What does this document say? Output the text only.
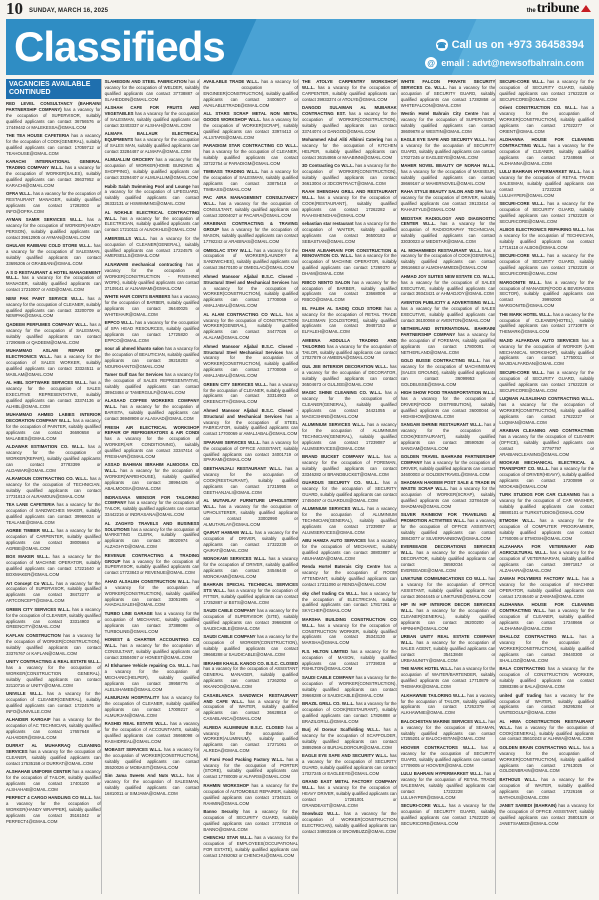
10 SUNDAY, MARCH 16, 2025	the tribune
Classifieds	☎ Call us on +973 36458394
@ email : advt@newsofbahrain.com
VACANCIES AVAILABLE CONTINUED

RED LEVEL CONSULTANCY (BAHRAINI PARTNERSHIP COMPANY) has a vacancy for the occupation of SUPERVISOR, suitably qualified applicants can contact 36756576 or 17449442 or MALEKESSA@GMAIL.COM

THE TEA HOUSE CAFETERIA has a vacancy for the occupation of COOK(GENERAL), suitably qualified applicants can contact 17059712 or TEAHOUSE@GMAIL.COM

KARACHI INTERNATIONAL GENERAL TRADING COMPANY W.L.L. has a vacancy for the occupation of WORKER(SALES), suitably qualified applicants can contact 36637952 or KARACHI@GMAIL.COM

OFRA W.L.L. has a vacancy for the occupation of RESTAURANT MANAGER, suitably qualified applicants can contact 17282003 or INFO@OFRA.COM

AYMAN SAMIR SERVICES W.L.L. has a vacancy for the occupation of WORKER(HANDY PERSON), suitably qualified applicants can contact 39612905 or AYMAN@GMAIL.COM

GHULAM RABBANI COLD STORE W.L.L. has a vacancy for the occupation of SALESMAN, suitably qualified applicants can contact 33695206 or GRABBANI@GMAIL.COM

A S D RESTAURANT & HOTEL MANAGEMENT W.L.L. has a vacancy for the occupation of MANAGER, suitably qualified applicants can contact 17210007 or ASD@GMAIL.COM

NEW PAK PAINT SERVICE W.L.L. has a vacancy for the occupation of CLEANER, suitably qualified applicants can contact 33200709 or NEWPAK@GMAIL.COM

QADEEM PERFUMES COMPANY W.L.L. has a vacancy for the occupation of SALESMAN, suitably qualified applicants can contact 17290689 or QADEEM@GMAIL.COM

MUHAMMAD ASLAM REPAIR OF ELECTRONICS W.L.L. has a vacancy for the occupation of SALES WORKER, suitably qualified applicants can contact 33324511 or MASLAM@GMAIL.COM

AL HIBL SOFTWARE SERVICES W.L.L. has a vacancy for the occupation of SALES EXECUTIVE REPRESENTATIVE, suitably qualified applicants can contact 33374136 or ALHIBL@GMAIL.COM

MUHAMMAD AHMED LABIES INTERIOR DECORATION COMPANY W.L.L. has a vacancy for the occupation of PAINTER, suitably qualified applicants can contact 36690658 or MALABIES@GMAIL.COM

ALDAWAR ESTIMATION CO. W.L.L. has a vacancy for the occupation of WORKER(REPAIR), suitably qualified applicants can contact 37783399 or ALDAWAR@GMAIL.COM

ALRAMOUN CONTRACTING CO. W.L.L. has a vacancy for the occupation of TECHNICIAN, suitably qualified applicants can contact 17731813 or ALRAMOUN@GMAIL.COM

TEA LANE CAFETERIA has a vacancy for the occupation of SANDWICHES MAKER, suitably qualified applicants can contact 39966024 or TEALANE@GMAIL.COM

AGRBE TIMBER W.L.L. has a vacancy for the occupation of CARPENTER, suitably qualified applicants can contact 38005664 or AGRBE@GMAIL.COM

BOX MAKER W.L.L. has a vacancy for the occupation of MACHINE OPERATOR, suitably qualified applicants can contact 17221640 or BOXMAKER@GMAIL.COM

Art Concept Co W.L.L. has a vacancy for the occupation of SUPERVISOR, suitably qualified applicants can contact 38472277 or ARTCONCEPT@GMAIL.COM

GREEN CITY SERVICES W.L.L. has a vacancy for the occupation of CLEANER, suitably qualified applicants can contact 33314903 or GREENCITY@GMAIL.COM

KAFLAN CONSTRUCTION has a vacancy for the occupation of WORKER(CONSTRUCTION), suitably qualified applicants can contact 33376767 or KAFLAN@GMAIL.COM

UNITY CONTRACTING & REAL ESTATE W.L.L. has a vacancy for the occupation of WORKER(CONSTRUCTION GENERAL), suitably qualified applicants can contact 32110716 or UNITY@GMAIL.COM

UNIVILLE W.L.L. has a vacancy for the occupation of CLEANER(GENERAL), suitably qualified applicants can contact 17224576 or INFO@UNIVILLE.COM

ALHAIDER KARGAIF has a vacancy for the occupation of AC TECHNICIAN, suitably qualified applicants can contact 17657648 or ALHAIDER@GMAIL.COM

DURRAT AL MUHARRAQ CLEANING SERVICES has a vacancy for the occupation of CLEANER, suitably qualified applicants can contact 17535158 or DURRAT@GMAIL.COM

ALSHAHAB UNIFORM CENTER has a vacancy for the occupation of TAILOR, suitably qualified applicants can contact 17401100 or ALSHAHAB@GMAIL.COM

PERFECT 4 CARGO HANDLING CO W.L.L. has a vacancy for the occupation of WORKER(HANDY WRAPPER), suitably qualified applicants can contact 35161042 or PERFECT4@GMAIL.COM

SLAHEDDIN AND STEEL FABRICATION has a vacancy for the occupation of WELDER, suitably qualified applicants can contact 37738887 or SLAHEDDIN@GMAIL.COM

ALSHAH CAFE FOR FRUITS AND VEGETABLES has a vacancy for the occupation of SALESMAN, suitably qualified applicants can contact 32403337 or ALSHAH@GMAIL.COM

ALMAFA BALLAUR ELECTRICAL EQUIPMENTS has a vacancy for the occupation of SALES MAN, suitably qualified applicants can contact 33284487 or ALMAFA@GMAIL.COM

ALMUALLIM GROCERY has a vacancy for the occupation of WORKER(HOME BUNDING & SHOPPING), suitably qualified applicants can contact 33294407 or ALMUALLIM@GMAIL.COM

Habib Salah Swimming Pool and Lounge has a vacancy for the occupation of LIFEGUARD, suitably qualified applicants can contact 36332131 or HSWIMMING@GMAIL.COM

AL NOKHLE ELECTRICAL CONTRACTING W.L.L. has a vacancy for the occupation of ELECTRICIAN, suitably qualified applicants can contact 17210111 or ALNOKHLE@GMAIL.COM

AMERSELLS W.L.L. has a vacancy for the occupation of CLEANER(GENERAL), suitably qualified applicants can contact 17224575 or AMERSELLS@GMAIL.COM

ALNAWAMI mechanical contracting has a vacancy for the occupation of WORKER(CONSTRUCTION - FINISHING WORK), suitably qualified applicants can contact 37109141 or ALNAWAMI@GMAIL.COM

WHITE HAIR COINTS BARBERS has a vacancy for the occupation of BARBER, suitably qualified applicants can contact 36440025 or WHITEHAIR@GMAIL.COM

EPPCO W.L.L. has a vacancy for the occupation of SPA HEAD RESOURCES, suitably qualified applicants can contact 17725820 or EPPCO@GMAIL.COM

nour ali ahmed khanto salon has a vacancy for the occupation of BEAUTICIAN, suitably qualified applicants can contact 39218203 or NOURKHANTO@GMAIL.COM

Tamer Gulf Gas for Services has a vacancy for the occupation of SALES REPRESENTATIVE, suitably qualified applicants can contact 38943484 or TAMERGULF@GMAIL.COM

ALASAAD COFFEE WORKERS COMPANY W.L.L. has a vacancy for the occupation of BARISTA, suitably qualified applicants can contact 36948908 or ALASAAD@GMAIL.COM

FRESH AIR ELECTRICAL WORKSHOP REPAIR OF REFRIGERATORS & AIR CONDI has a vacancy for the occupation of WORKER(AIR CONDITIONING), suitably qualified applicants can contact 33347414 or FRESHAIR@GMAIL.COM

ASSAD BAHMAN IBRAHIM ALMOOSA CO. W.L.L. has a vacancy for the occupation of WORKER(WAREHOUSE), suitably qualified applicants can contact 38994426 or ABALMOOSA@GMAIL.COM

INDRASANA WENSOR FOR TAILORING COMPANY has a vacancy for the occupation of TAILOR, suitably qualified applicants can contact 33442216 or INDRASANA@GMAIL.COM

AL ZAGHYD TRAVELS AND BUSINESS SOLUTIONS has a vacancy for the occupation of MARKETING CLERK, suitably qualified applicants can contact 38020974 or ALZAGHYD@GMAIL.COM

REVENUE CONTRACTING & TRADING GROUP has a vacancy for the occupation of SUPERVISOR, suitably qualified applicants can contact 17723843 or REVENUE@GMAIL.COM

AHAD ALSALEH CONSTRUCTION W.L.L. has a vacancy for the occupation of WORKER(CONSTRUCTION), suitably qualified applicants can contact 33051905 or AHADALSALEH@GMAIL.COM

TURBO LINE GARAGE has a vacancy for the occupation of MECHANIC, suitably qualified applicants can contact 37388098 or TURBOLINE@GMAIL.COM

HONEST & CHARTER ACCOUNTING CO W.L.L. has a vacancy for the occupation of CONSULTANT, suitably qualified applicants can contact 33504067 or HONEST@GMAIL.COM

Al Elshamee Vehicle repairing Co. W.L.L. has a vacancy for the occupation of MECHANIC(HELPER), suitably qualified applicants can contact 39958776 or ALELSHAMEE@GMAIL.COM

ALMURJAN HOSPITALITY has a vacancy for the occupation of CLEANER, suitably qualified applicants can contact 17009217 or ALMURJAN@GMAIL.COM

RASHID REAL ESTATE W.L.L. has a vacancy for the occupation of ACCOUNTANTS, suitably qualified applicants can contact 36668098 or RASHIDREAL@GMAIL.COM

MOBASIT SERVICES W.L.L. has a vacancy for the occupation of WORKER(CONSTRUCTION), suitably qualified applicants can contact 35520026 or MOBASIT@GMAIL.COM

Sim Jama Sweets And Nuts W.L.L. has a vacancy for the occupation of SALESMAN, suitably qualified applicants can contact 16810011 or SIMJAMA@GMAIL.COM

AVAILABLE TRADE W.L.L. has a vacancy for the occupation of ENGINEER(CONSTRUCTION), suitably qualified applicants can contact 34006077 or AVAILABLETRADE@GMAIL.COM

ALL STARS SCRAP METAL NON METAL GOODS WORKSHOP W.L.L. has a vacancy for the occupation of WORKER(SCRAP), suitably qualified applicants can contact 33974413 or ALLSTARS@GMAIL.COM

PARADIGM STAR CONTRACTING CO W.L.L. has a vacancy for the occupation of CLEANER, suitably qualified applicants can contact 33722754 or PARADIGM@GMAIL.COM

TIMBASS TRADING W.L.L. has a vacancy for the occupation of SALESMAN, suitably qualified applicants can contact 33875418 or TIMBASS@GMAIL.COM

PAC AIRA MANAGEMENT CONSULTANCY W.L.L. has a vacancy for the occupation of CONSULTANT, suitably qualified applicants can contact 32004027 or PACAIRA@GMAIL.COM

ARABINAS CONTRACTING & TRAVING GROUP has a vacancy for the occupation of MASON, suitably qualified applicants can contact 17792242 or ARABINAS@GMAIL.COM

OMEGLAC STAY W.L.L. has a vacancy for the occupation of WORKER(LAUNDRY & SANDWICHES), suitably qualified applicants can contact 36470100 or OMEGLAC@GMAIL.COM

Ahmed Mansoor Aljabal B.S.C. Closed - Structural Steel and Mechanical Services has a vacancy for the occupation of WORKER(CONSTRUCTION), suitably qualified applicants can contact 17700069 or AMALJABAL@GMAIL.COM

AL ALAM CONTRACTING CO W.L.L. has a vacancy for the occupation of CONSTRUCTION WORKER(GENERAL), suitably qualified applicants can contact 34477026 or ALALAM@GMAIL.COM

Ahmed Mansoor Aljabal B.S.C. Closed - Structural Steel Mechanical Services has a vacancy for the occupation of WORKER(CONSTRUCTION), suitably qualified applicants can contact 17700069 or AMALJABAL@GMAIL.COM

GREEN CITY SERVICES W.L.L. has a vacancy for the occupation of CLEANER, suitably qualified applicants can contact 33314903 or GREENCITY@GMAIL.COM

Ahmed Mansoor Aljabal B.S.C. Closed - Structural and Mechanical Services has a vacancy for the occupation of STEEL FABRICATOR, suitably qualified applicants can contact 17700069 or AMALJABAL@GMAIL.COM

SPARAMI SERVICES W.L.L. has a vacancy for the occupation of OFFICE ASSISTANT, suitably qualified applicants can contact 34001719 or SPARAMI@GMAIL.COM

GEETHANJALI RESTAURANT W.L.L. has a vacancy for the occupation of COOK(RESTAURANT), suitably qualified applicants can contact 17215955 or GEETHANJALI@GMAIL.COM

AL MUTARLAY FURNITURE UPHOLSTERY W.L.L. has a vacancy for the occupation of UPHOLSTERER, suitably qualified applicants can contact 33002990 or ALMUTARLAY@GMAIL.COM

QAIRAT HAMIAM W.L.L. has a vacancy for the occupation of DRIVER, suitably qualified applicants can contact 17322230 or QAIRAT@GMAIL.COM

MONOKAMI SERVICES W.L.L. has a vacancy for the occupation of DRIVER, suitably qualified applicants can contact 34546440 or MONOKAMI@GMAIL.COM

BAHRAIN SPECIAL TECHNICAL SERVICES STS W.L.L. has a vacancy for the occupation of FITTER, suitably qualified applicants can contact 17252887 or BSTS@GMAIL.COM

SAUDI CABLE COMPANY has a vacancy for the occupation of SUPERVISOR (SITE), suitably qualified applicants can contact 39668288 or SAUDICABLE@GMAIL.COM

SAUDI CABLE COMPANY has a vacancy for the occupation of WORKER(CONSTRUCTION), suitably qualified applicants can contact 39668288 or SAUDICABLE@GMAIL.COM

IBRAHIM KHALIL KANOO CO. B.S.C. CLOSED has a vacancy for the occupation of ASSISTANT GENERAL MANAGER, suitably qualified applicants can contact 17262052 or IKKANOO@GMAIL.COM

CASABLANCA SANDWICH RESTAURANT AND CAFE W.L.L. has a vacancy for the occupation of WAITER, suitably qualified applicants can contact 36628818 or CASABLANCA@GMAIL.COM

ALREDA ALUMINIUM B.S.C. CLOSED has a vacancy for the occupation of WORKER(ALUMINIUM), suitably qualified applicants can contact 17271061 or ALREDA@GMAIL.COM

Al Farsi Food Packing Factory W.L.L. has a vacancy for the occupation of PORTER (STORE), suitably qualified applicants can contact 17780039 or ALFARSI@GMAIL.COM

RAHMIN WORKSHOP has a vacancy for the occupation of AUTOMOBILE REPAIRER, suitably qualified applicants can contact 17345121 or RAHMIN@GMAIL.COM

Banno Security has a vacancy for the occupation of SECURITY GUARD, suitably qualified applicants can contact 17729216 or BANNO@GMAIL.COM

CHENCHU STAR W.L.L. has a vacancy for the occupation of EMPLOYEES(OCCUPATIONAL FOR ESTATE), suitably qualified applicants can contact 17492062 or CHENCHU@GMAIL.COM

THE ATOLYE CARPENTRY WORKSHOP W.L.L. has a vacancy for the occupation of CARPENTER, suitably qualified applicants can contact 39933374 or ATOLYE@GMAIL.COM

DANGOD SULAIMAN AL MUBARAK CONTRACTING EST. has a vacancy for the occupation of WORKER(CONSTRUCTION), suitably qualified applicants can contact 33744074 or DANGOD@GMAIL.COM

Mohammed Abul Aliti Albinni Catering has a vacancy for the occupation of KITCHEN HELPER, suitably qualified applicants can contact 36154866 or MAABINNI@GMAIL.COM

3D Contracting Co W.L.L. has a vacancy for the occupation of WORKER(CONSTRUCTION), suitably qualified applicants can contact 36613004 or 3DCONTRACT@GMAIL.COM

RAAH SHENGHAI GRILL AND RESTAURANT W.L.L. has a vacancy for the occupation of COOK(RESTAURANT), suitably qualified applicants can contact 17262282 or RAAHSHENGHAI@GMAIL.COM

sebastian star restaurant has a vacancy for the occupation of WAITER, suitably qualified applicants can contact 36500183 or SEBASTIAN@GMAIL.COM

DHAM ALBAHRAIN FOR CONSTRUCTION & RENOVATION CO. W.L.L. has a vacancy for the occupation of MACHINE OPERATOR, suitably qualified applicants can contact 17269370 or DHAM@GMAIL.COM

RIBCO NENTO SALON has a vacancy for the occupation of BARBER, suitably qualified applicants can contact 33668008 or RIBCO@GMAIL.COM

EL FALEH AL SADIQ COLD STORE has a vacancy for the occupation of RETAIL TRADE SALESMAN (COLDSTORE), suitably qualified applicants can contact 39487153 or ELFALEH@GMAIL.COM

AMEENA ADDULLA TRADING AND TAILORING has a vacancy for the occupation of TAILOR, suitably qualified applicants can contact 17027879 or AMEENA@GMAIL.COM

GUL JEE INTERIOR DECORATION W.L.L. has a vacancy for the occupation of DECORATOR, suitably qualified applicants can contact 36504673 or GULJEE@GMAIL.COM

MAGIC SHINE CLEANING CO. W.L.L. has a vacancy for the occupation of CLEANER(GENERAL), suitably qualified applicants can contact 34421055 or MAGICSHINE@GMAIL.COM

ALUMINIUM SERVICES W.L.L. has a vacancy for the occupation of ALUMINIUM TECHNICIAN(GENERAL), suitably qualified applicants can contact 17239087 or ALUMSERVICES@GMAIL.COM

BRAND BUCKET COMPANY W.L.L. has a vacancy for the occupation of FOREMAN, suitably qualified applicants can contact 33346282 or BRANDBUCKET@GMAIL.COM

GUARDUS SECURITY CO. W.L.L. has a vacancy for the occupation of SECURITY GUARD, suitably qualified applicants can contact 17450497 or GUARDUS@GMAIL.COM

ALUMINIUM SERVICES W.L.L. has a vacancy for the occupation of ALUMINIUM TECHNICIAN(GENERAL), suitably qualified applicants can contact 17239087 or ALUMSERVICES@GMAIL.COM

ABU HAMZA AUTO SERVICES has a vacancy for the occupation of MECHANIC, suitably qualified applicants can contact 38803887 or ABUHAMZA@GMAIL.COM

Renda Hortel Baterais City Centre has a vacancy for the occupation of ROOM ATTENDANT, suitably qualified applicants can contact 17311090 or RENDA@GMAIL.COM

sky chef trading Co W.L.L. has a vacancy for the occupation of ELECTRICIAN, suitably qualified applicants can contact 17817261 or SKYCHEF@GMAIL.COM

MARSHA BUILDING CONSTRUCTION CO W.L.L. has a vacancy for the occupation of CONSTRUCTION WORKER, suitably qualified applicants can contact 35343130 or MARSHA@GMAIL.COM

R.S. HILTON LIMITED has a vacancy for the occupation of MASON, suitably qualified applicants can contact 17739028 or RSHILTON@GMAIL.COM

SAUDI CABLE COMPANY has a vacancy for the occupation of WORKER(CONSTRUCTION), suitably qualified applicants can contact 39668288 or SAUDICABLE@GMAIL.COM

BRAZIL GRILL CO. W.L.L. has a vacancy for the occupation of COOK(RESTAURANT), suitably qualified applicants can contact 17826888 or BRAZILGRILL@GMAIL.COM

Burj Al Dorour Scaffolding W.L.L. has a vacancy for the occupation of SCAFFOLDER, suitably qualified applicants can contact 38892969 or BURJALDOROUR@GMAIL.COM

EAGLE EYE SAFE AND SECURITY W.L.L. has a vacancy for the occupation of SECURITY GUARD, suitably qualified applicants can contact 17027245 or EAGLEEYE@GMAIL.COM

GRAND EAST METAL FACTORY COMPANY W.L.L. has a vacancy for the occupation of HEAVY DRIVER, suitably qualified applicants can contact 17281001 or GRANDEAST@GMAIL.COM

Snowbuzz W.L.L. has a vacancy for the occupation of WORKER(CONSTRUCTION ELECTRICIAN), suitably qualified applicants can contact 34993166 or SNOWBUZZ@GMAIL.COM

WHITE FALCON PRIVATE SECURITY SERVICES Co. W.L.L. has a vacancy for the occupation of SECURITY GUARD, suitably qualified applicants can contact 17282858 or WHITEFALCON@GMAIL.COM

Westin Hotel Bahrain City Centre has a vacancy for the occupation of SUPERVISOR, suitably qualified applicants can contact 38609878 or WESTIN@GMAIL.COM

EAGLE EYE SAFE AND SECURITY W.L.L. has a vacancy for the occupation of SECURITY GUARD, suitably qualified applicants can contact 17027245 or EAGLEEYE@GMAIL.COM

MAHER NOVEL BEAUTY OF NORAH W.L.L. has a vacancy for the occupation of MASSEUR, suitably qualified applicants can contact 38669167 or MAHERNOVEL@GMAIL.COM

RAHA STYLE BEAUTY SALON AND SPA has a vacancy for the occupation of DRIVER, suitably qualified applicants can contact 39133414 or RAHASTYLE@GMAIL.COM

MEDSTAR RADIOLOGY AND DIAGNOSTIC CENTER W.L.L. has a vacancy for the occupation of RADIOGRAPHY TECHNICIAN, suitably qualified applicants can contact 33030023 or MEDSTAR@GMAIL.COM

AL MOHAMMEDI RESTAURANT W.L.L. has a vacancy for the occupation of COOK(GENERAL), suitably qualified applicants can contact 39516663 or ALMOHAMMEDI@GMAIL.COM

AHMAD JOY SUITES NEW ESTATE CO. W.L.L. has a vacancy for the occupation of SALES EXECUTIVE, suitably qualified applicants can contact 39343421 or AHMADJOY@GMAIL.COM

AVENTON PUBLICITY & ADVERTISING W.L.L. has a vacancy for the occupation of SALES EXECUTIVE, suitably qualified applicants can contact 36100068 or AVENTON@GMAIL.COM

NETHERLAND INTERNATIONAL BAHRAINI PARTNERSHIP COMPANY has a vacancy for the occupation of FOREMAN, suitably qualified applicants can contact 17800091 or NETHERLAND@GMAIL.COM

GOLD BUSSE CONTRACTING W.L.L. has a vacancy for the occupation of MACHINISMAN (SALES GROUND), suitably qualified applicants can contact 36099953 or GOLDBUSSE@GMAIL.COM

HIGH SHOW FOOD TRANSPORTATION W.L.L. has a vacancy for the occupation of DRIVER(FOOD DISTRIBUTION), suitably qualified applicants can contact 36000044 or HIGHSHOW@GMAIL.COM

SANGAM SHRINE RESTAURANT W.L.L. has a vacancy for the occupation of COOK(RESTAURANT), suitably qualified applicants can contact 38590538 or SANGAM@GMAIL.COM

GOLDEN TRAVEL BAHRAINI PARTNERSHIP COMPANY has a vacancy for the occupation of DRIVER, suitably qualified applicants can contact 34600003 or GOLDENTRAVEL@GMAIL.COM

SHADMAN HAKEEM POST SALE & TRADE IN WASTE SCRAP W.L.L. has a vacancy for the occupation of WORKER(SCRAP), suitably qualified applicants can contact 33784429 or SHADMAN@GMAIL.COM

SILVER RAINBOW FOR TRAVELING & PROMOTION ACTIVITIES W.L.L. has a vacancy for the occupation of OFFICE ASSISTANT, suitably qualified applicants can contact 38843077 or SILVERRAINBOW@GMAIL.COM

EVEREEADE DECORATIONS SERVICES W.L.L. has a vacancy for the occupation of DECORATOR, suitably qualified applicants can contact 36592034 or EVEREEADE@GMAIL.COM

LINKTUNE COMMUNICATIONS CO W.L.L. has a vacancy for the occupation of OFFICE ASSISTANT, suitably qualified applicants can contact 36044445 or LINKTUNE@GMAIL.COM

HIP IN HIP INTERIOR DECOR SERVICES W.L.L. has a vacancy for the occupation of CLEANER(GENERAL), suitably qualified applicants can contact 36200200 or HIPINHIP@GMAIL.COM

URBAN UNITY REAL ESTATE COMPANY W.L.L. has a vacancy for the occupation of SALES AGENT, suitably qualified applicants can contact 35413848 or URBANUNITY@GMAIL.COM

THE MARK HOTEL W.L.L. has a vacancy for the occupation of WAITER/BARTENDER, suitably qualified applicants can contact 17710879 or THEMARK@GMAIL.COM

ALKHAWNIE TAILORING W.L.L. has a vacancy for the occupation of TAILOR, suitably qualified applicants can contact 17262379 or ALKHAWNIE@GMAIL.COM

BALOCHISTAN MARINE SERVICES W.L.L. has a vacancy for the occupation of SEAMAN, suitably qualified applicants can contact 17255201 or BALOCHISTAN@GMAIL.COM

HOOVER CONTRACTORS W.L.L. has a vacancy for the occupation of SECURITY GUARD, suitably qualified applicants can contact 17709005 or HOOVER@GMAIL.COM

LULU BAHRAIN HYPERMARKET W.L.L. has a vacancy for the occupation of RETAIL TRADE SALESMAN, suitably qualified applicants can contact 17222228 or LULUHYPER@GMAIL.COM

SECURI-CORE W.L.L. has a vacancy for the occupation of SECURITY GUARD, suitably qualified applicants can contact 17622220 or SECURICORE@GMAIL.COM

SECURI-CORE W.L.L. has a vacancy for the occupation of SECURITY GUARD, suitably qualified applicants can contact 17622228 or SECURICORE@GMAIL.COM

Orient CONSTRUCTION CO. W.L.L. has a vacancy for the occupation of WORKER(CONSTRUCTION), suitably qualified applicants can contact 17022277 or ORIENT@GMAIL.COM

ALDHANNA HOUSE FOR CLEANING CONTRACTING W.L.L. has a vacancy for the occupation of CLEANER, suitably qualified applicants can contact 17248666 or ALDHANNA@GMAIL.COM

LULU BAHRAIN HYPERMARKET W.L.L. has a vacancy for the occupation of RETAIL TRADE SALESMAN, suitably qualified applicants can contact 17222228 or LULUHYPER@GMAIL.COM

SECURI-CORE W.L.L. has a vacancy for the occupation of SECURITY GUARD, suitably qualified applicants can contact 17622228 or SECURICORE@GMAIL.COM

ALBOS ELECTRONICS REPAIRING W.L.L. has a vacancy for the occupation of TECHNICIAN, suitably qualified applicants can contact 17716118 or ALBOS@GMAIL.COM

SECURI-CORE W.L.L. has a vacancy for the occupation of SECURITY GUARD, suitably qualified applicants can contact 17622228 or SECURICORE@GMAIL.COM

MARGONITE W.L.L. has a vacancy for the occupation of MANAGER(FOOD & BEVERAGES SECTOR), suitably qualified applicants can contact 39992000 or MARGONITE@GMAIL.COM

THE MARK HOTEL W.L.L. has a vacancy for the occupation of CLEANER(HOTEL), suitably qualified applicants can contact 17710879 or THEMARK@GMAIL.COM

MAJID ALFARDAN AUTO SERVICES has a vacancy for the occupation of WORKER (LAB MECHANICAL WORKSHOP), suitably qualified applicants can contact 17750011 or MAJIDALFARDAN@GMAIL.COM

SECURI-CORE W.L.L. has a vacancy for the occupation of SECURITY GUARD, suitably qualified applicants can contact 17622228 or SECURICORE@GMAIL.COM

LUQMAN ALSALEHAD CONTRACTING W.L.L. has a vacancy for the occupation of WORKER(CONSTRUCTION), suitably qualified applicants can contact 17622227 or LUQMAN@GMAIL.COM

ARABIAN CLEANING AND CONTRACTING has a vacancy for the occupation of CLEANER (OFFICE), suitably qualified applicants can contact 37797797 or ARABIANCLEANING@GMAIL.COM

MOOKAB MECHANICAL ELECTRICAL & TRANSPORT CO. W.L.L. has a vacancy for the occupation of DRIVER(HEAVY), suitably qualified applicants can contact 17200899 or MOOKAB@GMAIL.COM

TURK STUDIOS FOR CAR CLEANING has a vacancy for the occupation of CAR WASHER, suitably qualified applicants can contact 38880101 or TURKSTUDIOS@GMAIL.COM

ETMOSH W.L.L. has a vacancy for the occupation of COMPUTER PROGRAMMER, suitably qualified applicants can contact 17760006 or ETMOSH@GMAIL.COM

ALZAHARA FOR VETERINARY AND AGRICULTURAL W.L.L. has a vacancy for the occupation of VETERINARIAN, suitably qualified applicants can contact 39971817 or ALZAHARA@GMAIL.COM

ZAMAN POLYMERS FACTORY W.L.L. has a vacancy for the occupation of MACHINE OPERATOR, suitably qualified applicants can contact 17246440 or ZAMAN@GMAIL.COM

ALDHANNA HOUSE FOR CLEANING CONTRACTING W.L.L. has a vacancy for the occupation of CLEANER, suitably qualified applicants can contact 17248666 or ALDHANNA@GMAIL.COM

SHALLOZ CONTRACTING W.L.L. has a vacancy for the occupation of WORKER(CONSTRUCTION), suitably qualified applicants can contact 39440300 or SHALLOZ@GMAIL.COM

BALA CONTRACTING has a vacancy for the occupation of CONSTRUCTION WORKER, suitably qualified applicants can contact 33883386 or BALA@GMAIL.COM

united gulf trading has a vacancy for the occupation of WAITER, suitably qualified applicants can contact 36295284 or UNITEDGULF@GMAIL.COM

AL HIWA CONSTRUCTION RESTAURANT W.L.L. has a vacancy for the occupation of COOK(GENERAL), suitably qualified applicants can contact 35610243 or ALHIWA@GMAIL.COM

GOLDEN BRAIN CONTRACTING W.L.L. has a vacancy for the occupation of WORKER(CONSTRUCTION), suitably qualified applicants can contact 17913025 or GOLDENBRAIN@GMAIL.COM

BATHOUS W.L.L. has a vacancy for the occupation of WAITER, suitably qualified applicants can contact 17226166 or BATHOUS@GMAIL.COM

JANET SAMEDI (BAHRAIN) has a vacancy for the occupation of OFFICE ASSISTANT, suitably qualified applicants can contact 35801529 or JANETSAMEDI@GMAIL.COM
